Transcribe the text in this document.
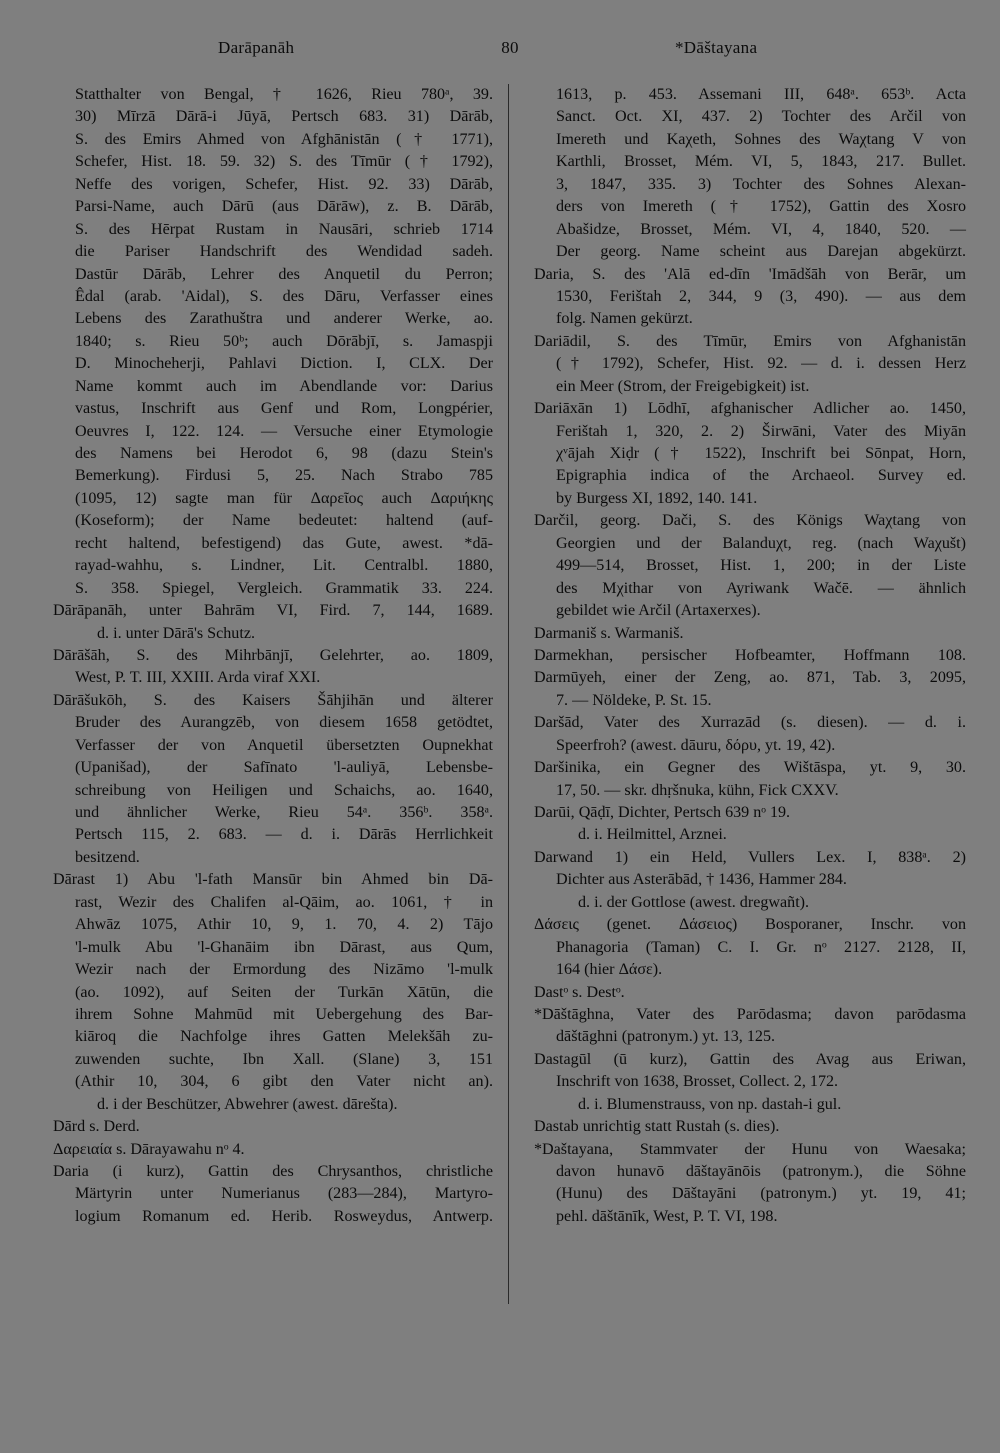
Darāpanāh	80	*Dāštayana
Statthalter von Bengal, † 1626, Rieu 780ᵃ, 39.
30) Mīrzā Dārā-i Jūyā, Pertsch 683. 31) Dārāb,
S. des Emirs Ahmed von Afghānistān († 1771),
Schefer, Hist. 18. 59. 32) S. des Tīmūr († 1792),
Neffe des vorigen, Schefer, Hist. 92. 33) Dārāb,
Parsi-Name, auch Dārū (aus Dārāw), z. B. Dārāb,
S. des Hērpat Rustam in Nausāri, schrieb 1714
die Pariser Handschrift des Wendidad sadeh.
Dastūr Dārāb, Lehrer des Anquetil du Perron;
Êdal (arab. 'Aidal), S. des Dāru, Verfasser eines
Lebens des Zarathuštra und anderer Werke, ao.
1840; s. Rieu 50ᵇ; auch Dōrābjī, s. Jamaspji
D. Minocheherji, Pahlavi Diction. I, CLX. Der
Name kommt auch im Abendlande vor: Darius
vastus, Inschrift aus Genf und Rom, Longpérier,
Oeuvres I, 122. 124. — Versuche einer Etymologie
des Namens bei Herodot 6, 98 (dazu Stein's
Bemerkung). Firdusi 5, 25. Nach Strabo 785
(1095, 12) sagte man für Δαρεῖος auch Δαριήκης
(Koseform); der Name bedeutet: haltend (auf-
recht haltend, befestigend) das Gute, awest. *dā-
rayad-wahhu, s. Lindner, Lit. Centralbl. 1880,
S. 358. Spiegel, Vergleich. Grammatik 33. 224.
Dārāpanāh, unter Bahrām VI, Fird. 7, 144, 1689.
d. i. unter Dārā's Schutz.
Dārāšāh, S. des Mihrbānjī, Gelehrter, ao. 1809,
West, P. T. III, XXIII. Arda viraf XXI.
Dārāšukōh, S. des Kaisers Šāhjihān und älterer
Bruder des Aurangzēb, von diesem 1658 getödtet,
Verfasser der von Anquetil übersetzten Oupnekhat
(Upanišad), der Safīnato 'l-auliyā, Lebensbe-
schreibung von Heiligen und Schaichs, ao. 1640,
und ähnlicher Werke, Rieu 54ᵃ. 356ᵇ. 358ᵃ.
Pertsch 115, 2. 683. — d. i. Dārās Herrlichkeit
besitzend.
Dārast 1) Abu 'l-fath Mansūr bin Ahmed bin Dā-
rast, Wezir des Chalifen al-Qāim, ao. 1061, † in
Ahwāz 1075, Athir 10, 9, 1. 70, 4. 2) Tājo
'l-mulk Abu 'l-Ghanāim ibn Dārast, aus Qum,
Wezir nach der Ermordung des Nizāmo 'l-mulk
(ao. 1092), auf Seiten der Turkān Xātūn, die
ihrem Sohne Mahmūd mit Uebergehung des Bar-
kiāroq die Nachfolge ihres Gatten Melekšāh zu-
zuwenden suchte, Ibn Xall. (Slane) 3, 151
(Athir 10, 304, 6 gibt den Vater nicht an).
d. i der Beschützer, Abwehrer (awest. dārešta).
Dārd s. Derd.
Δαρειαία s. Dārayawahu nᵒ 4.
Daria (i kurz), Gattin des Chrysanthos, christliche
Märtyrin unter Numerianus (283—284), Martyro-
logium Romanum ed. Herib. Rosweydus, Antwerp.
1613, p. 453. Assemani III, 648ᵃ. 653ᵇ. Acta
Sanct. Oct. XI, 437. 2) Tochter des Arčil von
Imereth und Kaχeth, Sohnes des Waχtang V von
Karthli, Brosset, Mém. VI, 5, 1843, 217. Bullet.
3, 1847, 335. 3) Tochter des Sohnes Alexan-
ders von Imereth († 1752), Gattin des Xosro
Abašidze, Brosset, Mém. VI, 4, 1840, 520. —
Der georg. Name scheint aus Darejan abgekürzt.
Daria, S. des 'Alā ed-dīn 'Imādšāh von Berār, um
1530, Ferištah 2, 344, 9 (3, 490). — aus dem
folg. Namen gekürzt.
Dariādil, S. des Tīmūr, Emirs von Afghanistān
(† 1792), Schefer, Hist. 92. — d. i. dessen Herz
ein Meer (Strom, der Freigebigkeit) ist.
Dariāxān 1) Lōdhī, afghanischer Adlicher ao. 1450,
Ferištah 1, 320, 2. 2) Širwāni, Vater des Miyān
χᵛājah Xiḍr († 1522), Inschrift bei Sōnpat, Horn,
Epigraphia indica of the Archaeol. Survey ed.
by Burgess XI, 1892, 140. 141.
Darčil, georg. Dači, S. des Königs Waχtang von
Georgien und der Balanduχt, reg. (nach Waχušt)
499—514, Brosset, Hist. 1, 200; in der Liste
des Mχithar von Ayriwank Wačē. — ähnlich
gebildet wie Arčil (Artaxerxes).
Darmaniš s. Warmaniš.
Darmekhan, persischer Hofbeamter, Hoffmann 108.
Darmūyeh, einer der Zeng, ao. 871, Tab. 3, 2095,
7. — Nöldeke, P. St. 15.
Daršād, Vater des Xurrazād (s. diesen). — d. i.
Speerfroh? (awest. dāuru, δόρυ, yt. 19, 42).
Daršinika, ein Gegner des Wištāspa, yt. 9, 30.
17, 50. — skr. dhṛšnuka, kühn, Fick CXXV.
Darūi, Qāḍī, Dichter, Pertsch 639 nᵒ 19.
d. i. Heilmittel, Arznei.
Darwand 1) ein Held, Vullers Lex. I, 838ᵃ. 2)
Dichter aus Asterābād, † 1436, Hammer 284.
d. i. der Gottlose (awest. dregwañt).
Δάσεις (genet. Δάσειος) Bosporaner, Inschr. von
Phanagoria (Taman) C. I. Gr. nᵒ 2127. 2128, II,
164 (hier Δάσε).
Dastᵒ s. Destᵒ.
*Dāštāghna, Vater des Parōdasma; davon parōdasma
dāštāghni (patronym.) yt. 13, 125.
Dastagūl (ū kurz), Gattin des Avag aus Eriwan,
Inschrift von 1638, Brosset, Collect. 2, 172.
d. i. Blumenstrauss, von np. dastah-i gul.
Dastab unrichtig statt Rustah (s. dies).
*Daštayana, Stammvater der Hunu von Waesaka;
davon hunavō dāštayānōis (patronym.), die Söhne
(Hunu) des Dāštayāni (patronym.) yt. 19, 41;
pehl. dāštānīk, West, P. T. VI, 198.
